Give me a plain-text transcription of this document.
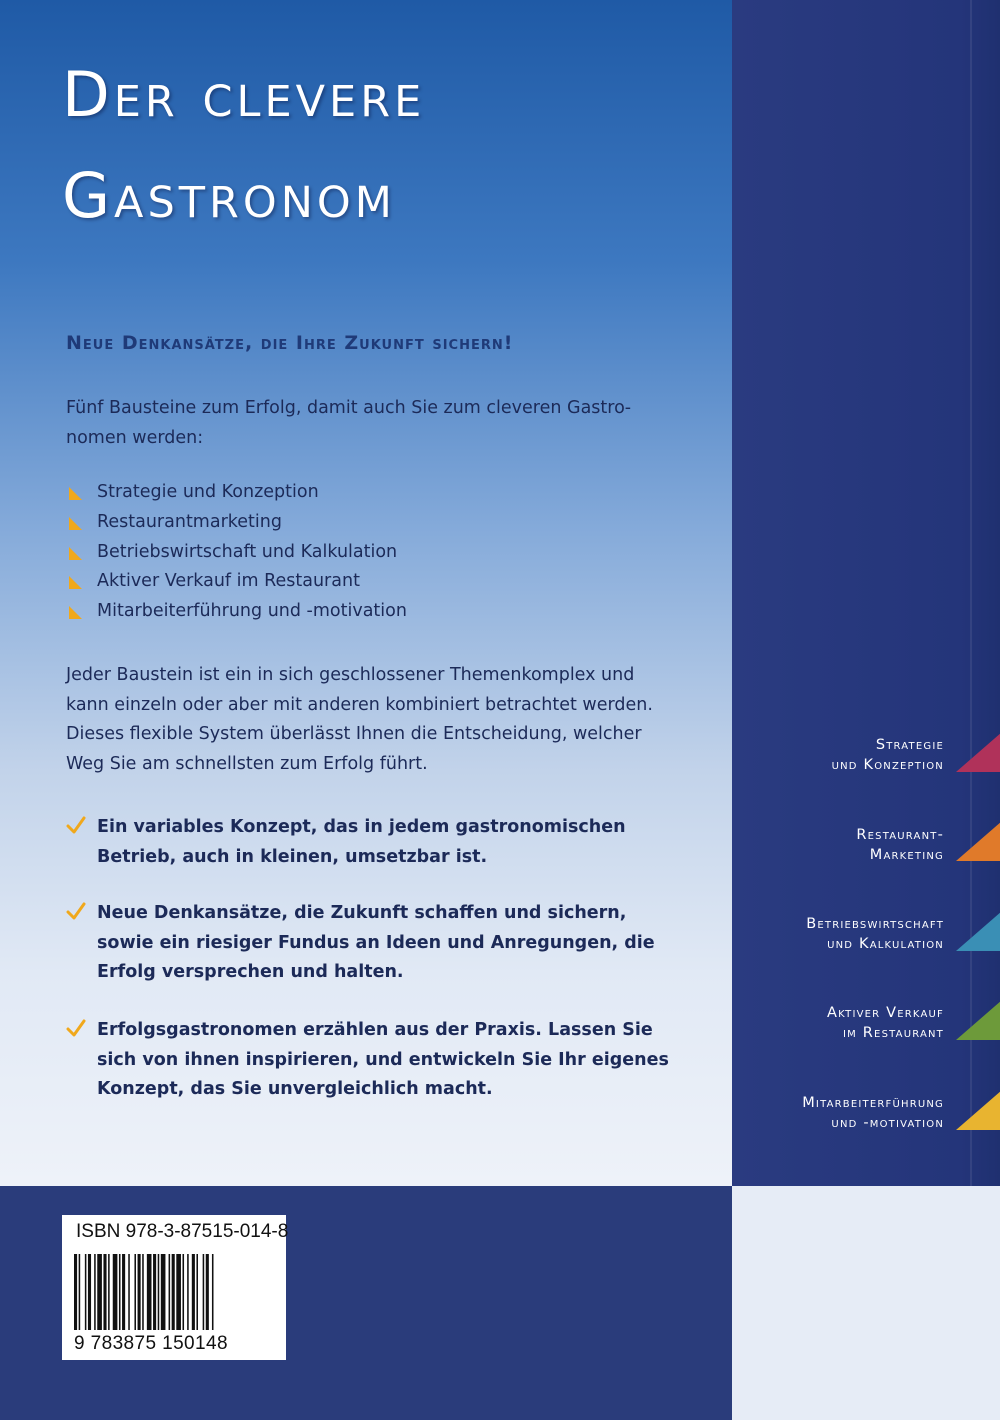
Der clevere
Gastronom
Neue Denkansätze, die Ihre Zukunft sichern!

Fünf Bausteine zum Erfolg, damit auch Sie zum cleveren Gastronomen werden:

Strategie und Konzeption
Restaurantmarketing
Betriebswirtschaft und Kalkulation
Aktiver Verkauf im Restaurant
Mitarbeiterführung und -motivation

Jeder Baustein ist ein in sich geschlossener Themenkomplex und kann einzeln oder aber mit anderen kombiniert betrachtet werden. Dieses flexible System überlässt Ihnen die Entscheidung, welcher Weg Sie am schnellsten zum Erfolg führt.

Ein variables Konzept, das in jedem gastronomischen Betrieb, auch in kleinen, umsetzbar ist.

Neue Denkansätze, die Zukunft schaffen und sichern, sowie ein riesiger Fundus an Ideen und Anregungen, die Erfolg versprechen und halten.

Erfolgsgastronomen erzählen aus der Praxis. Lassen Sie sich von ihnen inspirieren, und entwickeln Sie Ihr eigenes Konzept, das Sie unvergleichlich macht.

Strategie
und Konzeption
Restaurant-
Marketing
Betriebswirtschaft
und Kalkulation
Aktiver Verkauf
im Restaurant
Mitarbeiterführung
und -motivation

ISBN 978-3-87515-014-8

9 783875 150148
